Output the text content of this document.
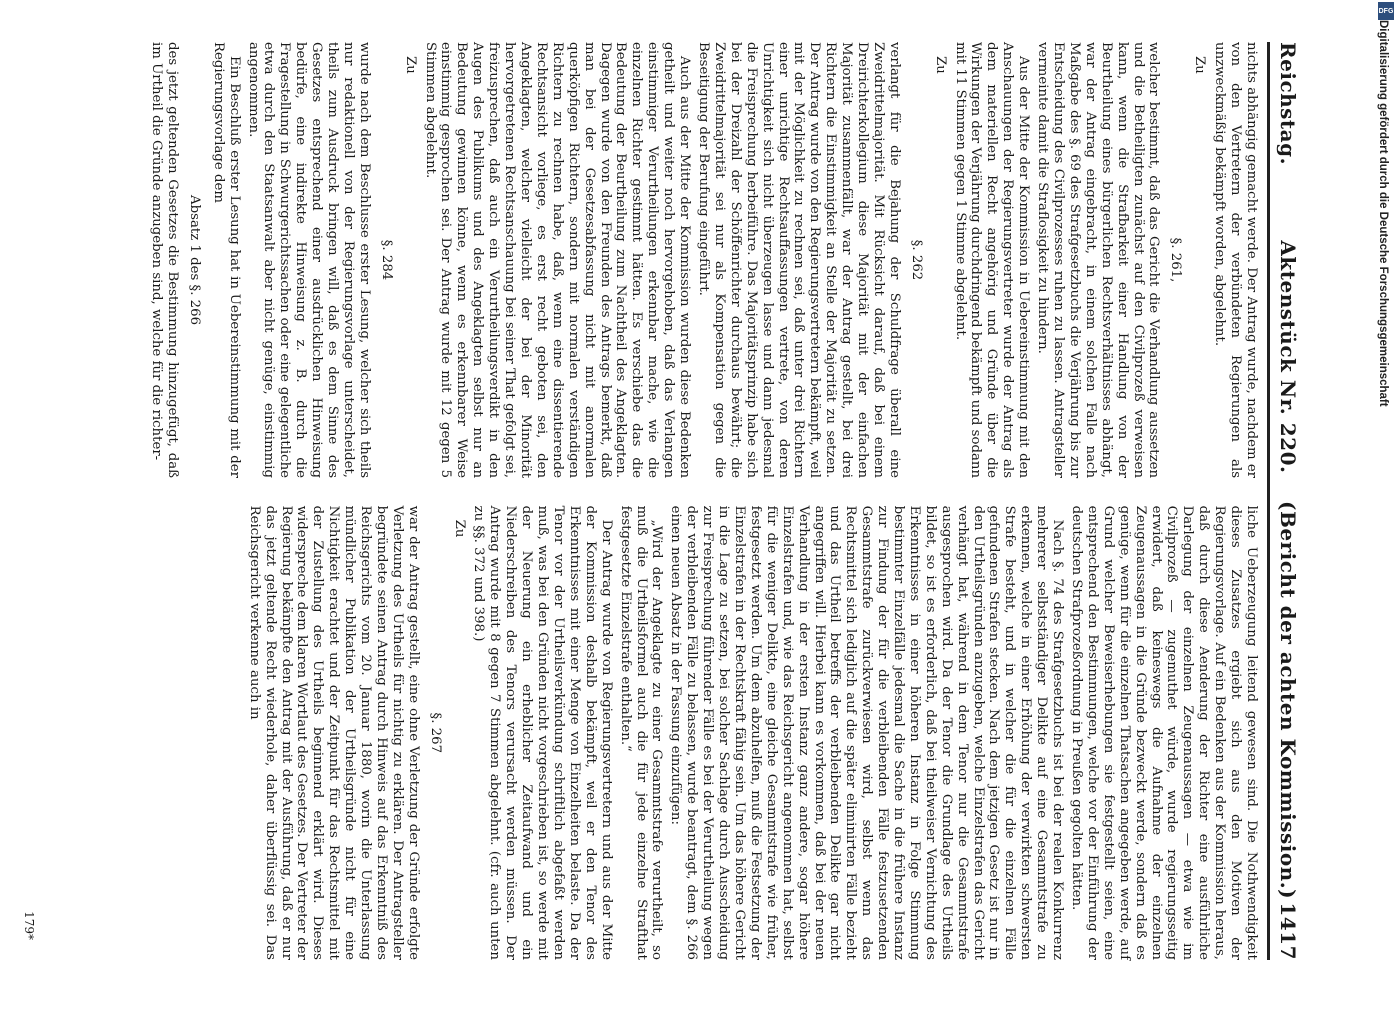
Reichstag.
Aktenstück Nr. 220.
(Bericht der achten Kommission.)
1417

nichts abhängig gemacht werde. Der Antrag wurde, nachdem er von den Vertretern der verbündeten Regierungen als unzweckmäßig bekämpft worden, abgelehnt.

Zu
§. 261,

welcher bestimmt, daß das Gericht die Verhandlung aussetzen und die Betheiligten zunächst auf den Civilprozeß verweisen kann, wenn die Strafbarkeit einer Handlung von der Beurtheilung eines bürgerlichen Rechtsverhältnisses abhängt, war der Antrag eingebracht, in einem solchen Falle nach Maßgabe des §. 69 des Strafgesetzbuchs die Verjährung bis zur Entscheidung des Civilprozesses ruhen zu lassen. Antragsteller vermeinte damit die Straflosigkeit zu hindern.

Aus der Mitte der Kommission in Uebereinstimmung mit den Anschauungen der Regierungsvertreter wurde der Antrag als dem materiellen Recht angehörig und Gründe über die Wirkungen der Verjährung durchdringend bekämpft und sodann mit 11 Stimmen gegen 1 Stimme abgelehnt.

Zu
§. 262

verlangt für die Bejahung der Schuldfrage überall eine Zweidrittelmajorität. Mit Rücksicht darauf, daß bei einem Dreirichterkollegium diese Majorität mit der einfachen Majorität zusammenfällt, war der Antrag gestellt, bei drei Richtern die Einstimmigkeit an Stelle der Majorität zu setzen. Der Antrag wurde von den Regierungsvertretern bekämpft, weil mit der Möglichkeit zu rechnen sei, daß unter drei Richtern einer unrichtige Rechtsauffassungen vertrete, von deren Unrichtigkeit sich nicht überzeugen lasse und dann jedesmal die Freisprechung herbeiführe. Das Majoritätsprinzip habe sich bei der Dreizahl der Schöffenrichter durchaus bewährt; die Zweidrittelmajorität sei nur als Kompensation gegen die Beseitigung der Berufung eingeführt.

Auch aus der Mitte der Kommission wurden diese Bedenken getheilt und weiter noch hervorgehoben, daß das Verlangen einstimmiger Verurtheilungen erkennbar mache, wie die einzelnen Richter gestimmt hätten. Es verschiebe das die Bedeutung der Beurtheilung zum Nachtheil des Angeklagten. Dagegen wurde von den Freunden des Antrags bemerkt, daß man bei der Gesetzesabfassung nicht mit anormalen querköpfigen Richtern, sondern mit normalen verständigen Richtern zu rechnen habe, daß, wenn eine dissentierende Rechtsansicht vorliege, es erst recht geboten sei, den Angeklagten, welcher vielleicht der bei der Minorität hervorgetretenen Rechtsanschauung bei seiner That gefolgt sei, freizusprechen, daß auch ein Verurtheilungsverdikt in den Augen des Publikums und des Angeklagten selbst nur an Bedeutung gewinnen könne, wenn es erkennbarer Weise einstimmig gesprochen sei. Der Antrag wurde mit 12 gegen 5 Stimmen abgelehnt.

Zu
§. 284

wurde nach dem Beschlusse erster Lesung, welcher sich theils nur redaktionell von der Regierungsvorlage unterscheidet, theils zum Ausdruck bringen will, daß es dem Sinne des Gesetzes entsprechend einer ausdrücklichen Hinweisung bedürfe, eine indirekte Hinweisung z. B. durch die Fragestellung in Schwurgerichtssachen oder eine gelegentliche etwa durch den Staatsanwalt aber nicht genüge, einstimmig angenommen.

Ein Beschluß erster Lesung hat in Uebereinstimmung mit der Regierungsvorlage dem

Absatz 1 des §. 266

des jetzt geltenden Gesetzes die Bestimmung hinzugefügt, daß im Urtheil die Gründe anzugeben sind, welche für die richter-

liche Ueberzeugung leitend gewesen sind. Die Nothwendigkeit dieses Zusatzes ergiebt sich aus den Motiven der Regierungsvorlage. Auf ein Bedenken aus der Kommission heraus, daß durch diese Aenderung der Richter eine ausführliche Darlegung der einzelnen Zeugenaussagen — etwa wie im Civilprozeß — zugemuthet würde, wurde regierungsseitig erwidert, daß keineswegs die Aufnahme der einzelnen Zeugenaussagen in die Gründe bezweckt werde, sondern daß es genüge, wenn für die einzelnen Thatsachen angegeben werde, auf Grund welcher Beweiserhebungen sie festgestellt seien, eine entsprechend den Bestimmungen, welche vor der Einführung der deutschen Strafprozeßordnung in Preußen gegolten hätten.

Nach §. 74 des Strafgesetzbuchs ist bei der realen Konkurrenz mehrerer selbstständiger Delikte auf eine Gesammtstrafe zu erkennen, welche in einer Erhöhung der verwirkten schwersten Strafe besteht, und in welcher die für die einzelnen Fälle gefundenen Strafen stecken. Nach dem jetzigen Gesetz ist nur in den Urtheilsgründen anzugeben, welche Einzelstrafen das Gericht verhängt hat, während in dem Tenor nur die Gesammtstrafe ausgesprochen wird. Da der Tenor die Grundlage des Urtheils bildet, so ist es erforderlich, daß bei theilweiser Vernichtung des Erkenntnisses in einer höheren Instanz in Folge Stimmung bestimmter Einzelfälle jedesmal die Sache in die frühere Instanz zur Findung der für die verbleibenden Fälle festzusetzenden Gesammtstrafe zurückverwiesen wird, selbst wenn das Rechtsmittel sich lediglich auf die später eliminirten Fälle bezieht und das Urtheil betreffs der verbleibenden Delikte gar nicht angegriffen will. Hierbei kann es vorkommen, daß bei der neuen Verhandlung in der ersten Instanz ganz andere, sogar höhere Einzelstrafen und, wie das Reichsgericht angenommen hat, selbst für die weniger Delikte, eine gleiche Gesammtstrafe wie früher, festgesetzt werden. Um dem abzuhelfen, muß die Festsetzung der Einzelstrafen in der Rechtskraft fähig sein. Um das höhere Gericht in die Lage zu setzen, bei solcher Sachlage durch Ausscheidung zur Freisprechung führender Fälle es bei der Verurtheilung wegen der verbleibenden Fälle zu belassen, wurde beantragt, dem §. 266 einen neuen Absatz in der Fassung einzufügen:

„Wird der Angeklagte zu einer Gesammtstrafe verurtheilt, so muß die Urtheilsformel auch die für jede einzelne Strafthat festgesetzte Einzelstrafe enthalten.“

Der Antrag wurde von Regierungsvertretern und aus der Mitte der Kommission deshalb bekämpft, weil er den Tenor des Erkenntnisses mit einer Menge von Einzelheiten belaste. Da der Tenor vor der Urtheilsverkündung schriftlich abgefaßt werden muß, was bei den Gründen nicht vorgeschrieben ist, so werde mit der Neuerung ein erheblicher Zeitaufwand und ein Niederschreiben des Tenors verursacht werden müssen. Der Antrag wurde mit 8 gegen 7 Stimmen abgelehnt. (cfr. auch unten zu §§. 372 und 398.)

Zu
§. 267

war der Antrag gestellt, eine ohne Verletzung der Gründe erfolgte Verletzung des Urtheils für nichtig zu erklären. Der Antragsteller begründete seinen Antrag durch Hinweis auf das Erkenntniß des Reichsgerichts vom 20. Januar 1880, worin die Unterlassung mündlicher Publikation der Urtheilsgründe nicht für eine Nichtigkeit erachtet und der Zeitpunkt für das Rechtsmittel mit der Zustellung des Urtheils beginnend erklärt wird. Dieses widerspreche dem klaren Wortlaut des Gesetzes. Der Vertreter der Regierung bekämpfte den Antrag mit der Ausführung, daß er nur das jetzt geltende Recht wiederhole, daher überflüssig sei. Das Reichsgericht verkenne auch in

179*
DFG
Digitalisierung gefördert durch die Deutsche Forschungsgemeinschaft
